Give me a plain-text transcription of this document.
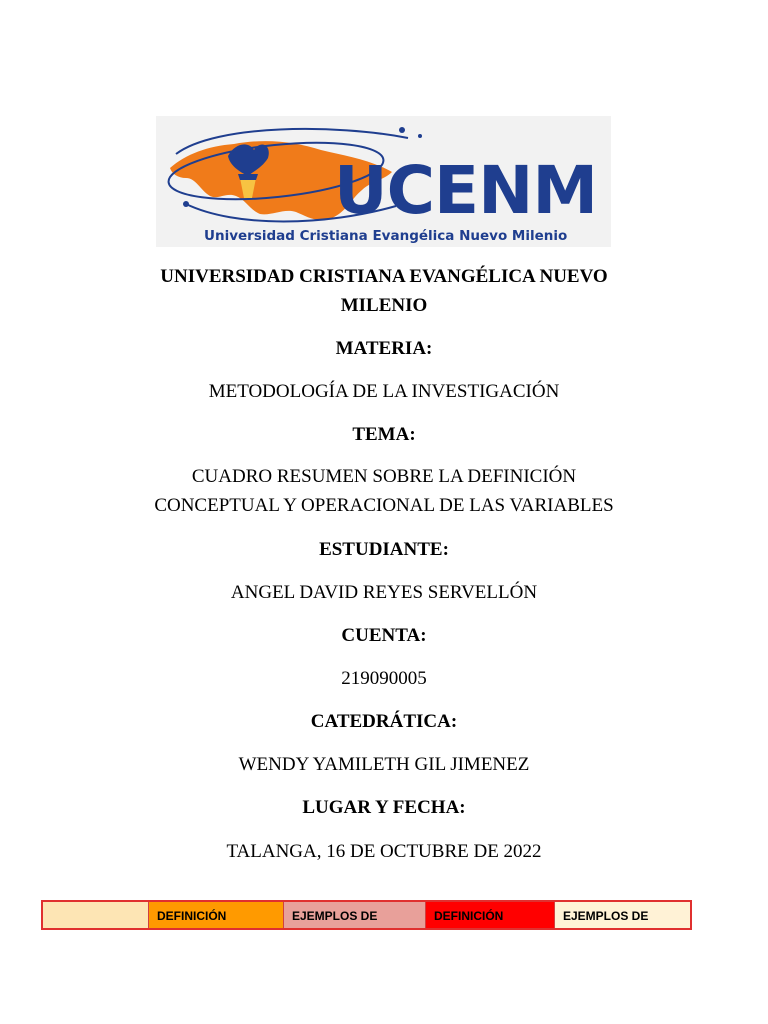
UCENM
Universidad Cristiana Evangélica Nuevo Milenio
UNIVERSIDAD CRISTIANA EVANGÉLICA NUEVO
MILENIO
MATERIA:
METODOLOGÍA DE LA INVESTIGACIÓN
TEMA:
CUADRO RESUMEN SOBRE LA DEFINICIÓN
CONCEPTUAL Y OPERACIONAL DE LAS VARIABLES
ESTUDIANTE:
ANGEL DAVID REYES SERVELLÓN
CUENTA:
219090005
CATEDRÁTICA:
WENDY YAMILETH GIL JIMENEZ
LUGAR Y FECHA:
TALANGA, 16 DE OCTUBRE DE 2022
DEFINICIÓN	EJEMPLOS DE	DEFINICIÓN	EJEMPLOS DE
